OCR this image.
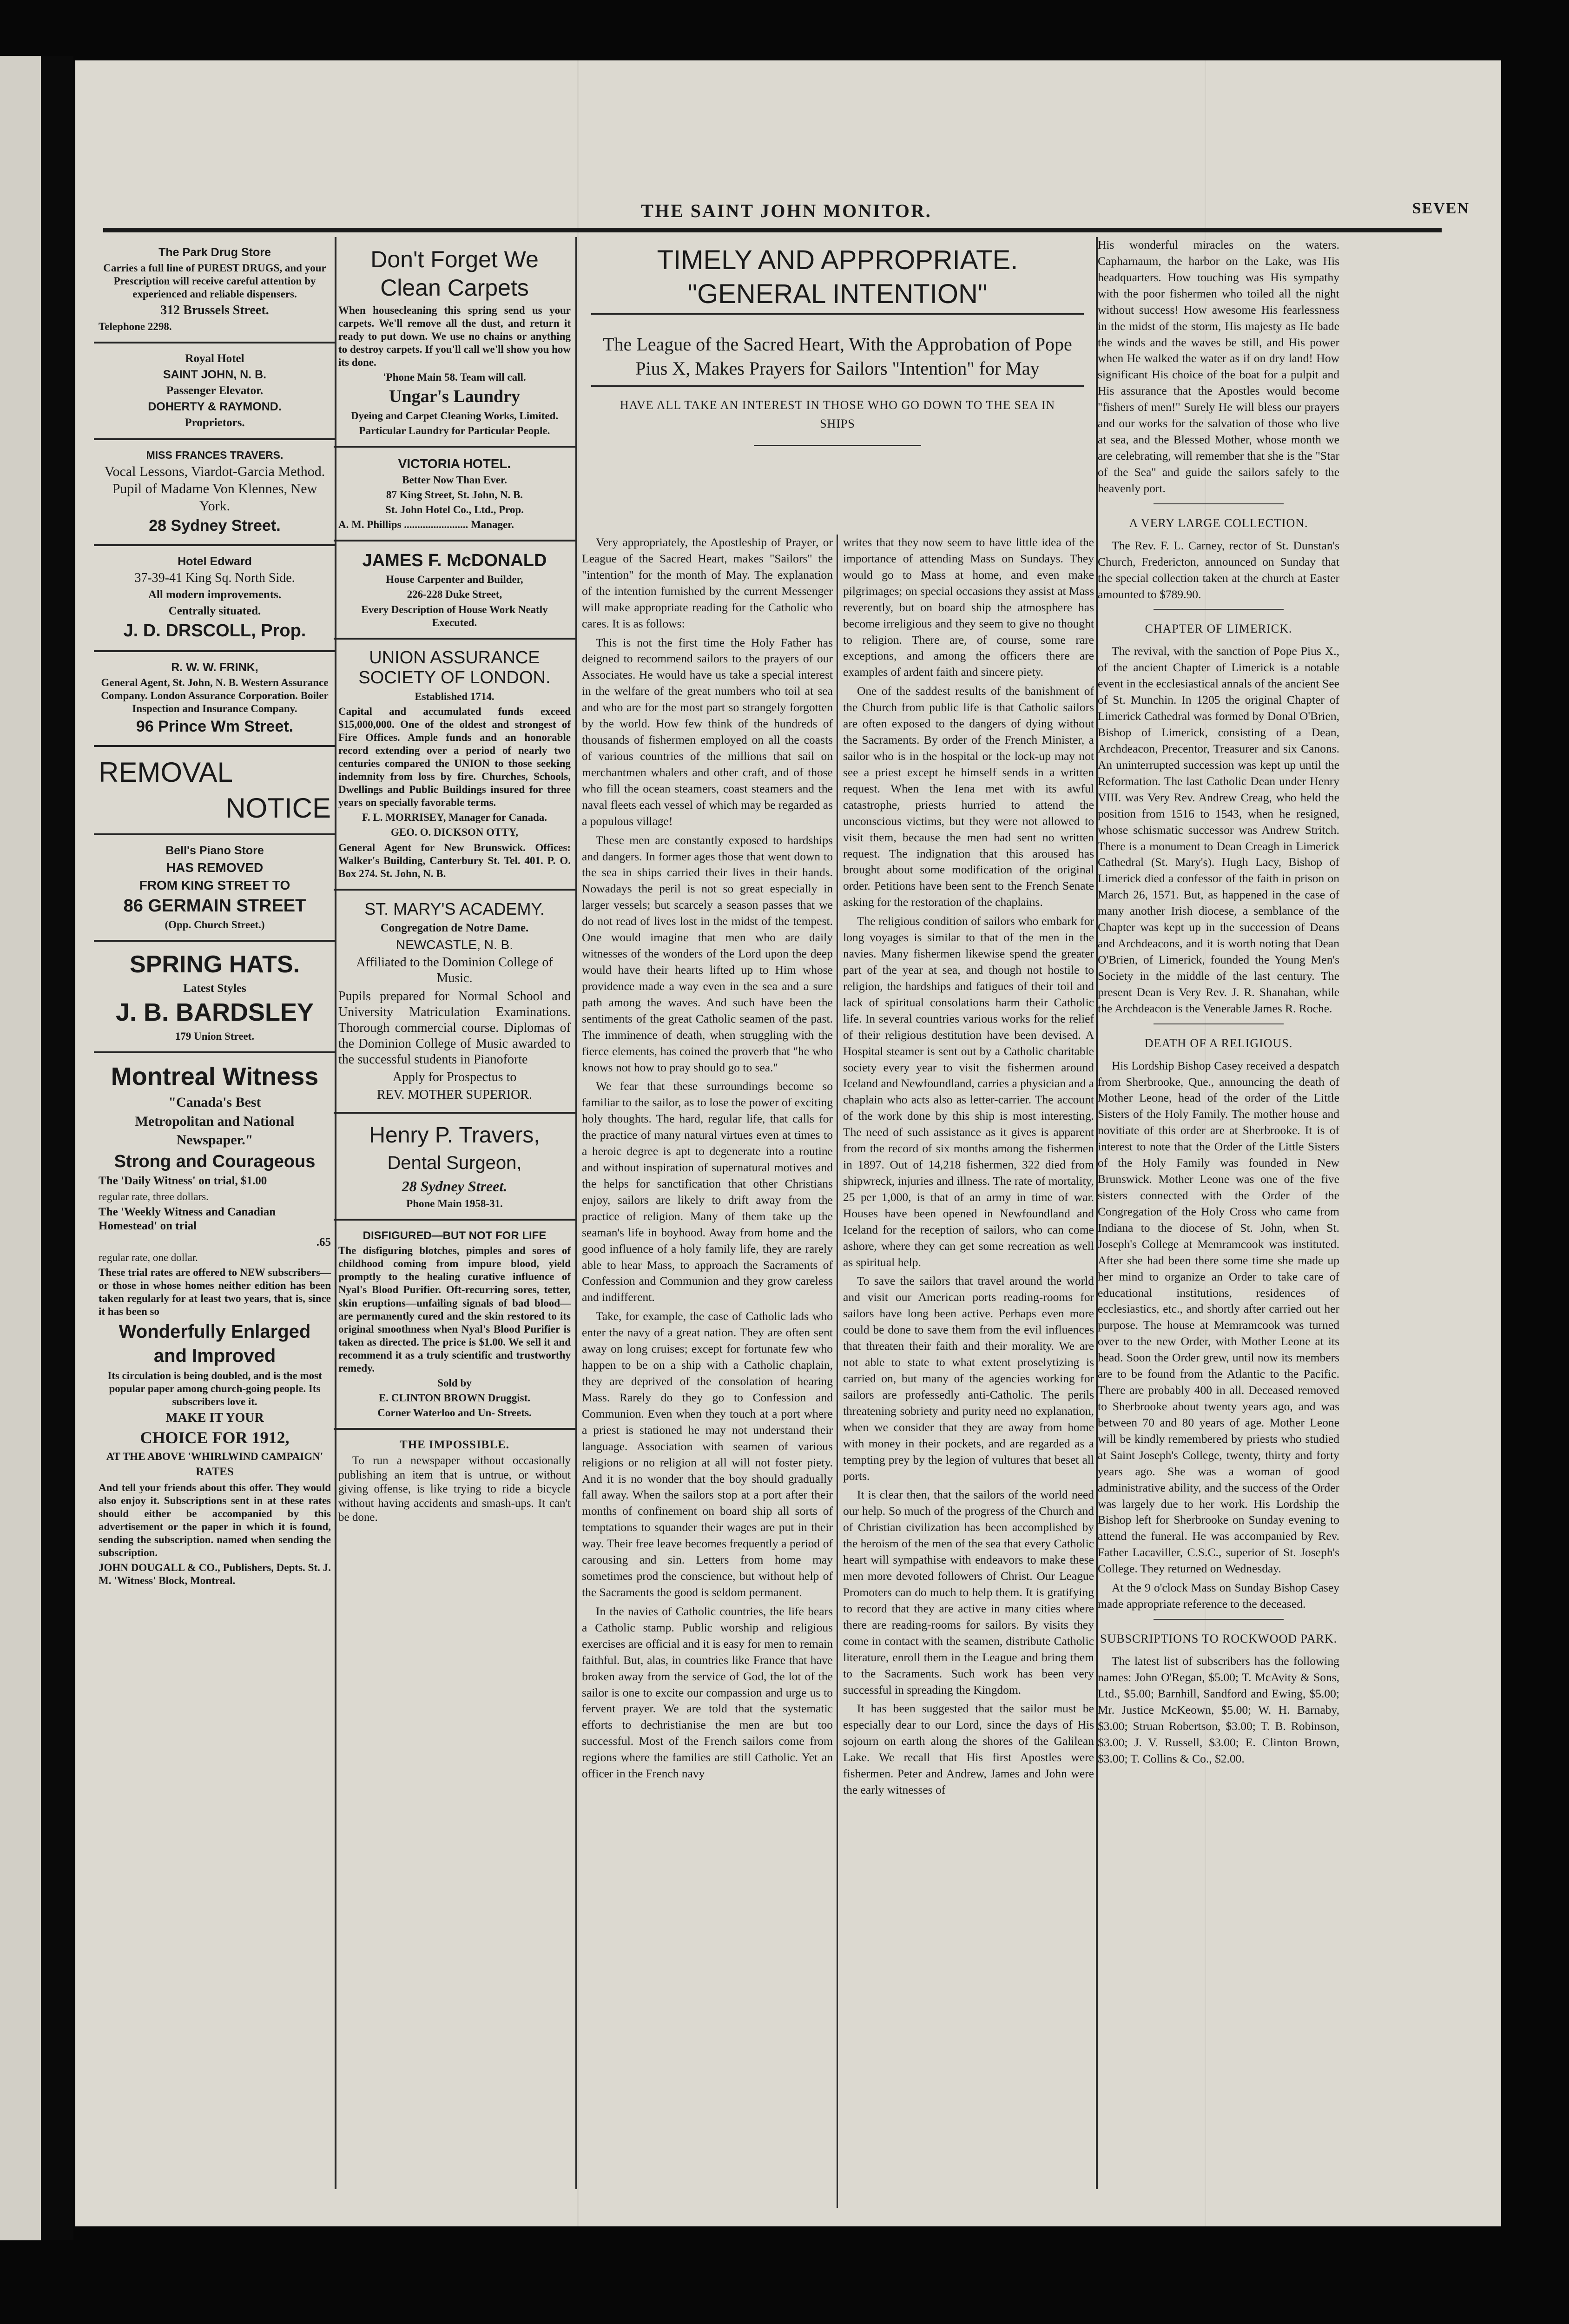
THE SAINT JOHN MONITOR.	SEVEN

The Park Drug Store

Carries a full line of PUREST DRUGS, and your Prescription will receive careful attention by experienced and reliable dispensers.

312 Brussels Street.

Telephone 2298.

Royal Hotel

SAINT JOHN, N. B.

Passenger Elevator.

DOHERTY & RAYMOND.

Proprietors.

MISS FRANCES TRAVERS.

Vocal Lessons, Viardot-Garcia Method. Pupil of Madame Von Klennes, New York.

28 Sydney Street.

Hotel Edward

37-39-41 King Sq. North Side.

All modern improvements.

Centrally situated.

J. D. DRSCOLL, Prop.

R. W. W. FRINK,

General Agent, St. John, N. B. Western Assurance Company. London Assurance Corporation. Boiler Inspection and Insurance Company.

96 Prince Wm Street.

REMOVAL

NOTICE

Bell's Piano Store

HAS REMOVED

FROM KING STREET TO

86 GERMAIN STREET

(Opp. Church Street.)

SPRING HATS.

Latest Styles

J. B. BARDSLEY

179 Union Street.

Montreal Witness

"Canada's Best

Metropolitan and National

Newspaper."

Strong and Courageous

The 'Daily Witness' on trial, $1.00

regular rate, three dollars.

The 'Weekly Witness and Canadian Homestead' on trial

.65

regular rate, one dollar.

These trial rates are offered to NEW subscribers—or those in whose homes neither edition has been taken regularly for at least two years, that is, since it has been so

Wonderfully Enlarged

and Improved

Its circulation is being doubled, and is the most popular paper among church-going people. Its subscribers love it.

MAKE IT YOUR

CHOICE FOR 1912,

AT THE ABOVE 'WHIRLWIND CAMPAIGN'

RATES

And tell your friends about this offer. They would also enjoy it. Subscriptions sent in at these rates should either be accompanied by this advertisement or the paper in which it is found, sending the subscription. named when sending the subscription.

JOHN DOUGALL & CO., Publishers, Depts. St. J. M. 'Witness' Block, Montreal.

Don't Forget We Clean Carpets

When housecleaning this spring send us your carpets. We'll remove all the dust, and return it ready to put down. We use no chains or anything to destroy carpets. If you'll call we'll show you how its done.

'Phone Main 58. Team will call.

Ungar's Laundry

Dyeing and Carpet Cleaning Works, Limited.

Particular Laundry for Particular People.

VICTORIA HOTEL.

Better Now Than Ever.

87 King Street, St. John, N. B.

St. John Hotel Co., Ltd., Prop.

A. M. Phillips ........................ Manager.

JAMES F. McDONALD

House Carpenter and Builder,

226-228 Duke Street,

Every Description of House Work Neatly Executed.

UNION ASSURANCE SOCIETY OF LONDON.

Established 1714.

Capital and accumulated funds exceed $15,000,000. One of the oldest and strongest of Fire Offices. Ample funds and an honorable record extending over a period of nearly two centuries compared the UNION to those seeking indemnity from loss by fire. Churches, Schools, Dwellings and Public Buildings insured for three years on specially favorable terms.

F. L. MORRISEY, Manager for Canada.

GEO. O. DICKSON OTTY,

General Agent for New Brunswick. Offices: Walker's Building, Canterbury St. Tel. 401. P. O. Box 274. St. John, N. B.

ST. MARY'S ACADEMY.

Congregation de Notre Dame.

NEWCASTLE, N. B.

Affiliated to the Dominion College of Music.

Pupils prepared for Normal School and University Matriculation Examinations. Thorough commercial course. Diplomas of the Dominion College of Music awarded to the successful students in Pianoforte

Apply for Prospectus to

REV. MOTHER SUPERIOR.

Henry P. Travers,

Dental Surgeon,

28 Sydney Street.

Phone Main 1958-31.

DISFIGURED—BUT NOT FOR LIFE

The disfiguring blotches, pimples and sores of childhood coming from impure blood, yield promptly to the healing curative influence of Nyal's Blood Purifier. Oft-recurring sores, tetter, skin eruptions—unfailing signals of bad blood—are permanently cured and the skin restored to its original smoothness when Nyal's Blood Purifier is taken as directed. The price is $1.00. We sell it and recommend it as a truly scientific and trustworthy remedy.

Sold by

E. CLINTON BROWN Druggist.

Corner Waterloo and Un- Streets.

THE IMPOSSIBLE.

To run a newspaper without occasionally publishing an item that is untrue, or without giving offense, is like trying to ride a bicycle without having accidents and smash-ups. It can't be done.

TIMELY AND APPROPRIATE.
"GENERAL INTENTION"
The League of the Sacred Heart, With the Approbation of Pope Pius X, Makes Prayers for Sailors "Intention" for May
HAVE ALL TAKE AN INTEREST IN THOSE WHO GO DOWN TO THE SEA IN SHIPS

Very appropriately, the Apostleship of Prayer, or League of the Sacred Heart, makes "Sailors" the "intention" for the month of May. The explanation of the intention furnished by the current Messenger will make appropriate reading for the Catholic who cares. It is as follows:

This is not the first time the Holy Father has deigned to recommend sailors to the prayers of our Associates. He would have us take a special interest in the welfare of the great numbers who toil at sea and who are for the most part so strangely forgotten by the world. How few think of the hundreds of thousands of fishermen employed on all the coasts of various countries of the millions that sail on merchantmen whalers and other craft, and of those who fill the ocean steamers, coast steamers and the naval fleets each vessel of which may be regarded as a populous village!

These men are constantly exposed to hardships and dangers. In former ages those that went down to the sea in ships carried their lives in their hands. Nowadays the peril is not so great especially in larger vessels; but scarcely a season passes that we do not read of lives lost in the midst of the tempest. One would imagine that men who are daily witnesses of the wonders of the Lord upon the deep would have their hearts lifted up to Him whose providence made a way even in the sea and a sure path among the waves. And such have been the sentiments of the great Catholic seamen of the past. The imminence of death, when struggling with the fierce elements, has coined the proverb that "he who knows not how to pray should go to sea."

We fear that these surroundings become so familiar to the sailor, as to lose the power of exciting holy thoughts. The hard, regular life, that calls for the practice of many natural virtues even at times to a heroic degree is apt to degenerate into a routine and without inspiration of supernatural motives and the helps for sanctification that other Christians enjoy, sailors are likely to drift away from the practice of religion. Many of them take up the seaman's life in boyhood. Away from home and the good influence of a holy family life, they are rarely able to hear Mass, to approach the Sacraments of Confession and Communion and they grow careless and indifferent.

Take, for example, the case of Catholic lads who enter the navy of a great nation. They are often sent away on long cruises; except for fortunate few who happen to be on a ship with a Catholic chaplain, they are deprived of the consolation of hearing Mass. Rarely do they go to Confession and Communion. Even when they touch at a port where a priest is stationed he may not understand their language. Association with seamen of various religions or no religion at all will not foster piety. And it is no wonder that the boy should gradually fall away. When the sailors stop at a port after their months of confinement on board ship all sorts of temptations to squander their wages are put in their way. Their free leave becomes frequently a period of carousing and sin. Letters from home may sometimes prod the conscience, but without help of the Sacraments the good is seldom permanent.

In the navies of Catholic countries, the life bears a Catholic stamp. Public worship and religious exercises are official and it is easy for men to remain faithful. But, alas, in countries like France that have broken away from the service of God, the lot of the sailor is one to excite our compassion and urge us to fervent prayer. We are told that the systematic efforts to dechristianise the men are but too successful. Most of the French sailors come from regions where the families are still Catholic. Yet an officer in the French navy

writes that they now seem to have little idea of the importance of attending Mass on Sundays. They would go to Mass at home, and even make pilgrimages; on special occasions they assist at Mass reverently, but on board ship the atmosphere has become irreligious and they seem to give no thought to religion. There are, of course, some rare exceptions, and among the officers there are examples of ardent faith and sincere piety.

One of the saddest results of the banishment of the Church from public life is that Catholic sailors are often exposed to the dangers of dying without the Sacraments. By order of the French Minister, a sailor who is in the hospital or the lock-up may not see a priest except he himself sends in a written request. When the Iena met with its awful catastrophe, priests hurried to attend the unconscious victims, but they were not allowed to visit them, because the men had sent no written request. The indignation that this aroused has brought about some modification of the original order. Petitions have been sent to the French Senate asking for the restoration of the chaplains.

The religious condition of sailors who embark for long voyages is similar to that of the men in the navies. Many fishermen likewise spend the greater part of the year at sea, and though not hostile to religion, the hardships and fatigues of their toil and lack of spiritual consolations harm their Catholic life. In several countries various works for the relief of their religious destitution have been devised. A Hospital steamer is sent out by a Catholic charitable society every year to visit the fishermen around Iceland and Newfoundland, carries a physician and a chaplain who acts also as letter-carrier. The account of the work done by this ship is most interesting. The need of such assistance as it gives is apparent from the record of six months among the fishermen in 1897. Out of 14,218 fishermen, 322 died from shipwreck, injuries and illness. The rate of mortality, 25 per 1,000, is that of an army in time of war. Houses have been opened in Newfoundland and Iceland for the reception of sailors, who can come ashore, where they can get some recreation as well as spiritual help.

To save the sailors that travel around the world and visit our American ports reading-rooms for sailors have long been active. Perhaps even more could be done to save them from the evil influences that threaten their faith and their morality. We are not able to state to what extent proselytizing is carried on, but many of the agencies working for sailors are professedly anti-Catholic. The perils threatening sobriety and purity need no explanation, when we consider that they are away from home with money in their pockets, and are regarded as a tempting prey by the legion of vultures that beset all ports.

It is clear then, that the sailors of the world need our help. So much of the progress of the Church and of Christian civilization has been accomplished by the heroism of the men of the sea that every Catholic heart will sympathise with endeavors to make these men more devoted followers of Christ. Our League Promoters can do much to help them. It is gratifying to record that they are active in many cities where there are reading-rooms for sailors. By visits they come in contact with the seamen, distribute Catholic literature, enroll them in the League and bring them to the Sacraments. Such work has been very successful in spreading the Kingdom.

It has been suggested that the sailor must be especially dear to our Lord, since the days of His sojourn on earth along the shores of the Galilean Lake. We recall that His first Apostles were fishermen. Peter and Andrew, James and John were the early witnesses of

His wonderful miracles on the waters. Capharnaum, the harbor on the Lake, was His headquarters. How touching was His sympathy with the poor fishermen who toiled all the night without success! How awesome His fearlessness in the midst of the storm, His majesty as He bade the winds and the waves be still, and His power when He walked the water as if on dry land! How significant His choice of the boat for a pulpit and His assurance that the Apostles would become "fishers of men!" Surely He will bless our prayers and our works for the salvation of those who live at sea, and the Blessed Mother, whose month we are celebrating, will remember that she is the "Star of the Sea" and guide the sailors safely to the heavenly port.

A VERY LARGE COLLECTION.

The Rev. F. L. Carney, rector of St. Dunstan's Church, Fredericton, announced on Sunday that the special collection taken at the church at Easter amounted to $789.90.

CHAPTER OF LIMERICK.

The revival, with the sanction of Pope Pius X., of the ancient Chapter of Limerick is a notable event in the ecclesiastical annals of the ancient See of St. Munchin. In 1205 the original Chapter of Limerick Cathedral was formed by Donal O'Brien, Bishop of Limerick, consisting of a Dean, Archdeacon, Precentor, Treasurer and six Canons. An uninterrupted succession was kept up until the Reformation. The last Catholic Dean under Henry VIII. was Very Rev. Andrew Creag, who held the position from 1516 to 1543, when he resigned, whose schismatic successor was Andrew Stritch. There is a monument to Dean Creagh in Limerick Cathedral (St. Mary's). Hugh Lacy, Bishop of Limerick died a confessor of the faith in prison on March 26, 1571. But, as happened in the case of many another Irish diocese, a semblance of the Chapter was kept up in the succession of Deans and Archdeacons, and it is worth noting that Dean O'Brien, of Limerick, founded the Young Men's Society in the middle of the last century. The present Dean is Very Rev. J. R. Shanahan, while the Archdeacon is the Venerable James R. Roche.

DEATH OF A RELIGIOUS.

His Lordship Bishop Casey received a despatch from Sherbrooke, Que., announcing the death of Mother Leone, head of the order of the Little Sisters of the Holy Family. The mother house and novitiate of this order are at Sherbrooke. It is of interest to note that the Order of the Little Sisters of the Holy Family was founded in New Brunswick. Mother Leone was one of the five sisters connected with the Order of the Congregation of the Holy Cross who came from Indiana to the diocese of St. John, when St. Joseph's College at Memramcook was instituted. After she had been there some time she made up her mind to organize an Order to take care of educational institutions, residences of ecclesiastics, etc., and shortly after carried out her purpose. The house at Memramcook was turned over to the new Order, with Mother Leone at its head. Soon the Order grew, until now its members are to be found from the Atlantic to the Pacific. There are probably 400 in all. Deceased removed to Sherbrooke about twenty years ago, and was between 70 and 80 years of age. Mother Leone will be kindly remembered by priests who studied at Saint Joseph's College, twenty, thirty and forty years ago. She was a woman of good administrative ability, and the success of the Order was largely due to her work. His Lordship the Bishop left for Sherbrooke on Sunday evening to attend the funeral. He was accompanied by Rev. Father Lacaviller, C.S.C., superior of St. Joseph's College. They returned on Wednesday.

At the 9 o'clock Mass on Sunday Bishop Casey made appropriate reference to the deceased.

SUBSCRIPTIONS TO ROCKWOOD PARK.

The latest list of subscribers has the following names: John O'Regan, $5.00; T. McAvity & Sons, Ltd., $5.00; Barnhill, Sandford and Ewing, $5.00; Mr. Justice McKeown, $5.00; W. H. Barnaby, $3.00; Struan Robertson, $3.00; T. B. Robinson, $3.00; J. V. Russell, $3.00; E. Clinton Brown, $3.00; T. Collins & Co., $2.00.
